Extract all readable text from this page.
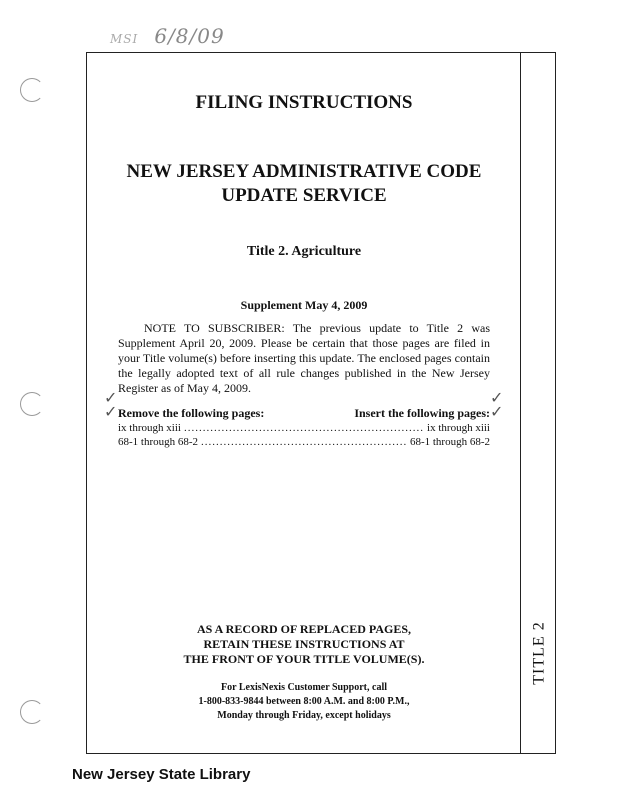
MSI 6/8/09
TITLE 2
FILING INSTRUCTIONS
NEW JERSEY ADMINISTRATIVE CODE
UPDATE SERVICE
Title 2. Agriculture
Supplement May 4, 2009
NOTE TO SUBSCRIBER: The previous update to Title 2 was Supplement April 20, 2009. Please be certain that those pages are filed in your Title volume(s) before inserting this update. The enclosed pages contain the legally adopted text of all rule changes published in the New Jersey Register as of May 4, 2009.
Remove the following pages:	Insert the following pages:
ix through xiii .....	ix through xiii
68-1 through 68-2 .....	68-1 through 68-2
✓
✓
✓
✓
AS A RECORD OF REPLACED PAGES,
RETAIN THESE INSTRUCTIONS AT
THE FRONT OF YOUR TITLE VOLUME(S).
For LexisNexis Customer Support, call
1-800-833-9844 between 8:00 A.M. and 8:00 P.M.,
Monday through Friday, except holidays
New Jersey State Library
